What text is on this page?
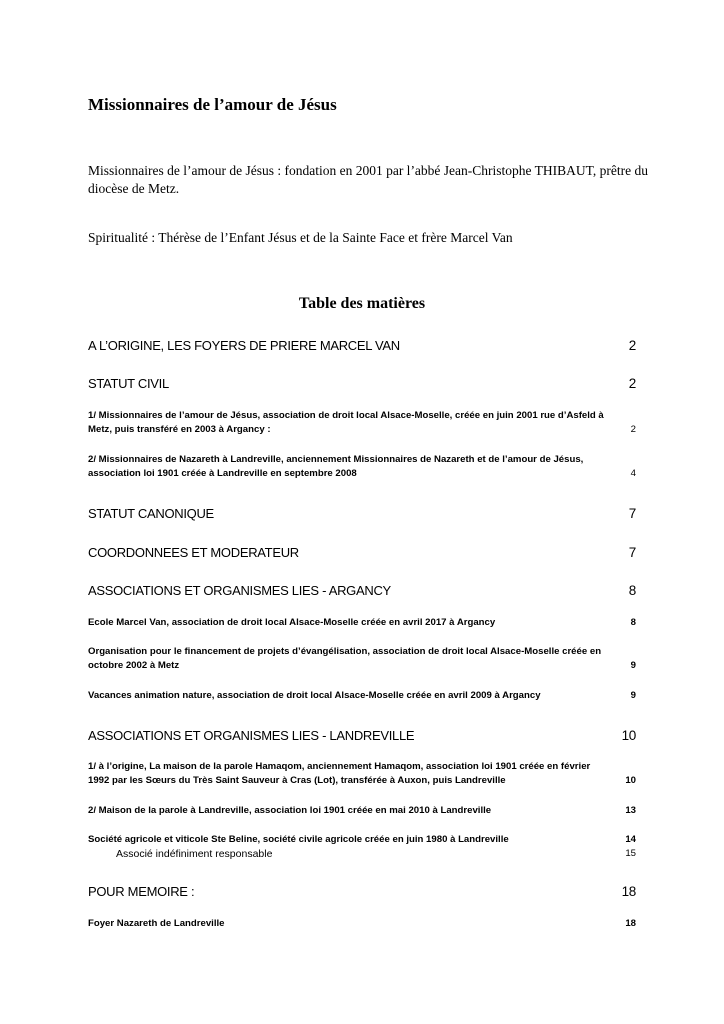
Missionnaires de l’amour de Jésus

Missionnaires de l’amour de Jésus : fondation en 2001 par l’abbé Jean-Christophe THIBAUT, prêtre du diocèse de Metz.

Spiritualité : Thérèse de l’Enfant Jésus et de la Sainte Face et frère Marcel Van

Table des matières
A L’ORIGINE, LES FOYERS DE PRIERE MARCEL VAN	2
STATUT CIVIL	2
1/ Missionnaires de l’amour de Jésus, association de droit local Alsace-Moselle, créée en juin 2001 rue d’Asfeld à Metz, puis transféré en 2003 à Argancy :	2
2/ Missionnaires de Nazareth à Landreville, anciennement Missionnaires de Nazareth et de l’amour de Jésus, association loi 1901 créée à Landreville en septembre 2008	4
STATUT CANONIQUE	7
COORDONNEES ET MODERATEUR	7
ASSOCIATIONS ET ORGANISMES LIES - ARGANCY	8
Ecole Marcel Van, association de droit local Alsace-Moselle créée en avril 2017 à Argancy	8
Organisation pour le financement de projets d’évangélisation, association de droit local Alsace-Moselle créée en octobre 2002 à Metz	9
Vacances animation nature, association de droit local Alsace-Moselle créée en avril 2009 à Argancy	9
ASSOCIATIONS ET ORGANISMES LIES - LANDREVILLE	10
1/ à l’origine, La maison de la parole Hamaqom, anciennement Hamaqom, association loi 1901 créée en février 1992 par les Sœurs du Très Saint Sauveur à Cras (Lot), transférée à Auxon, puis Landreville	10
2/ Maison de la parole à Landreville, association loi 1901 créée en mai 2010 à Landreville	13
Société agricole et viticole Ste Beline, société civile agricole créée en juin 1980 à Landreville	14
Associé indéfiniment responsable	15
POUR MEMOIRE :	18
Foyer Nazareth de Landreville	18
